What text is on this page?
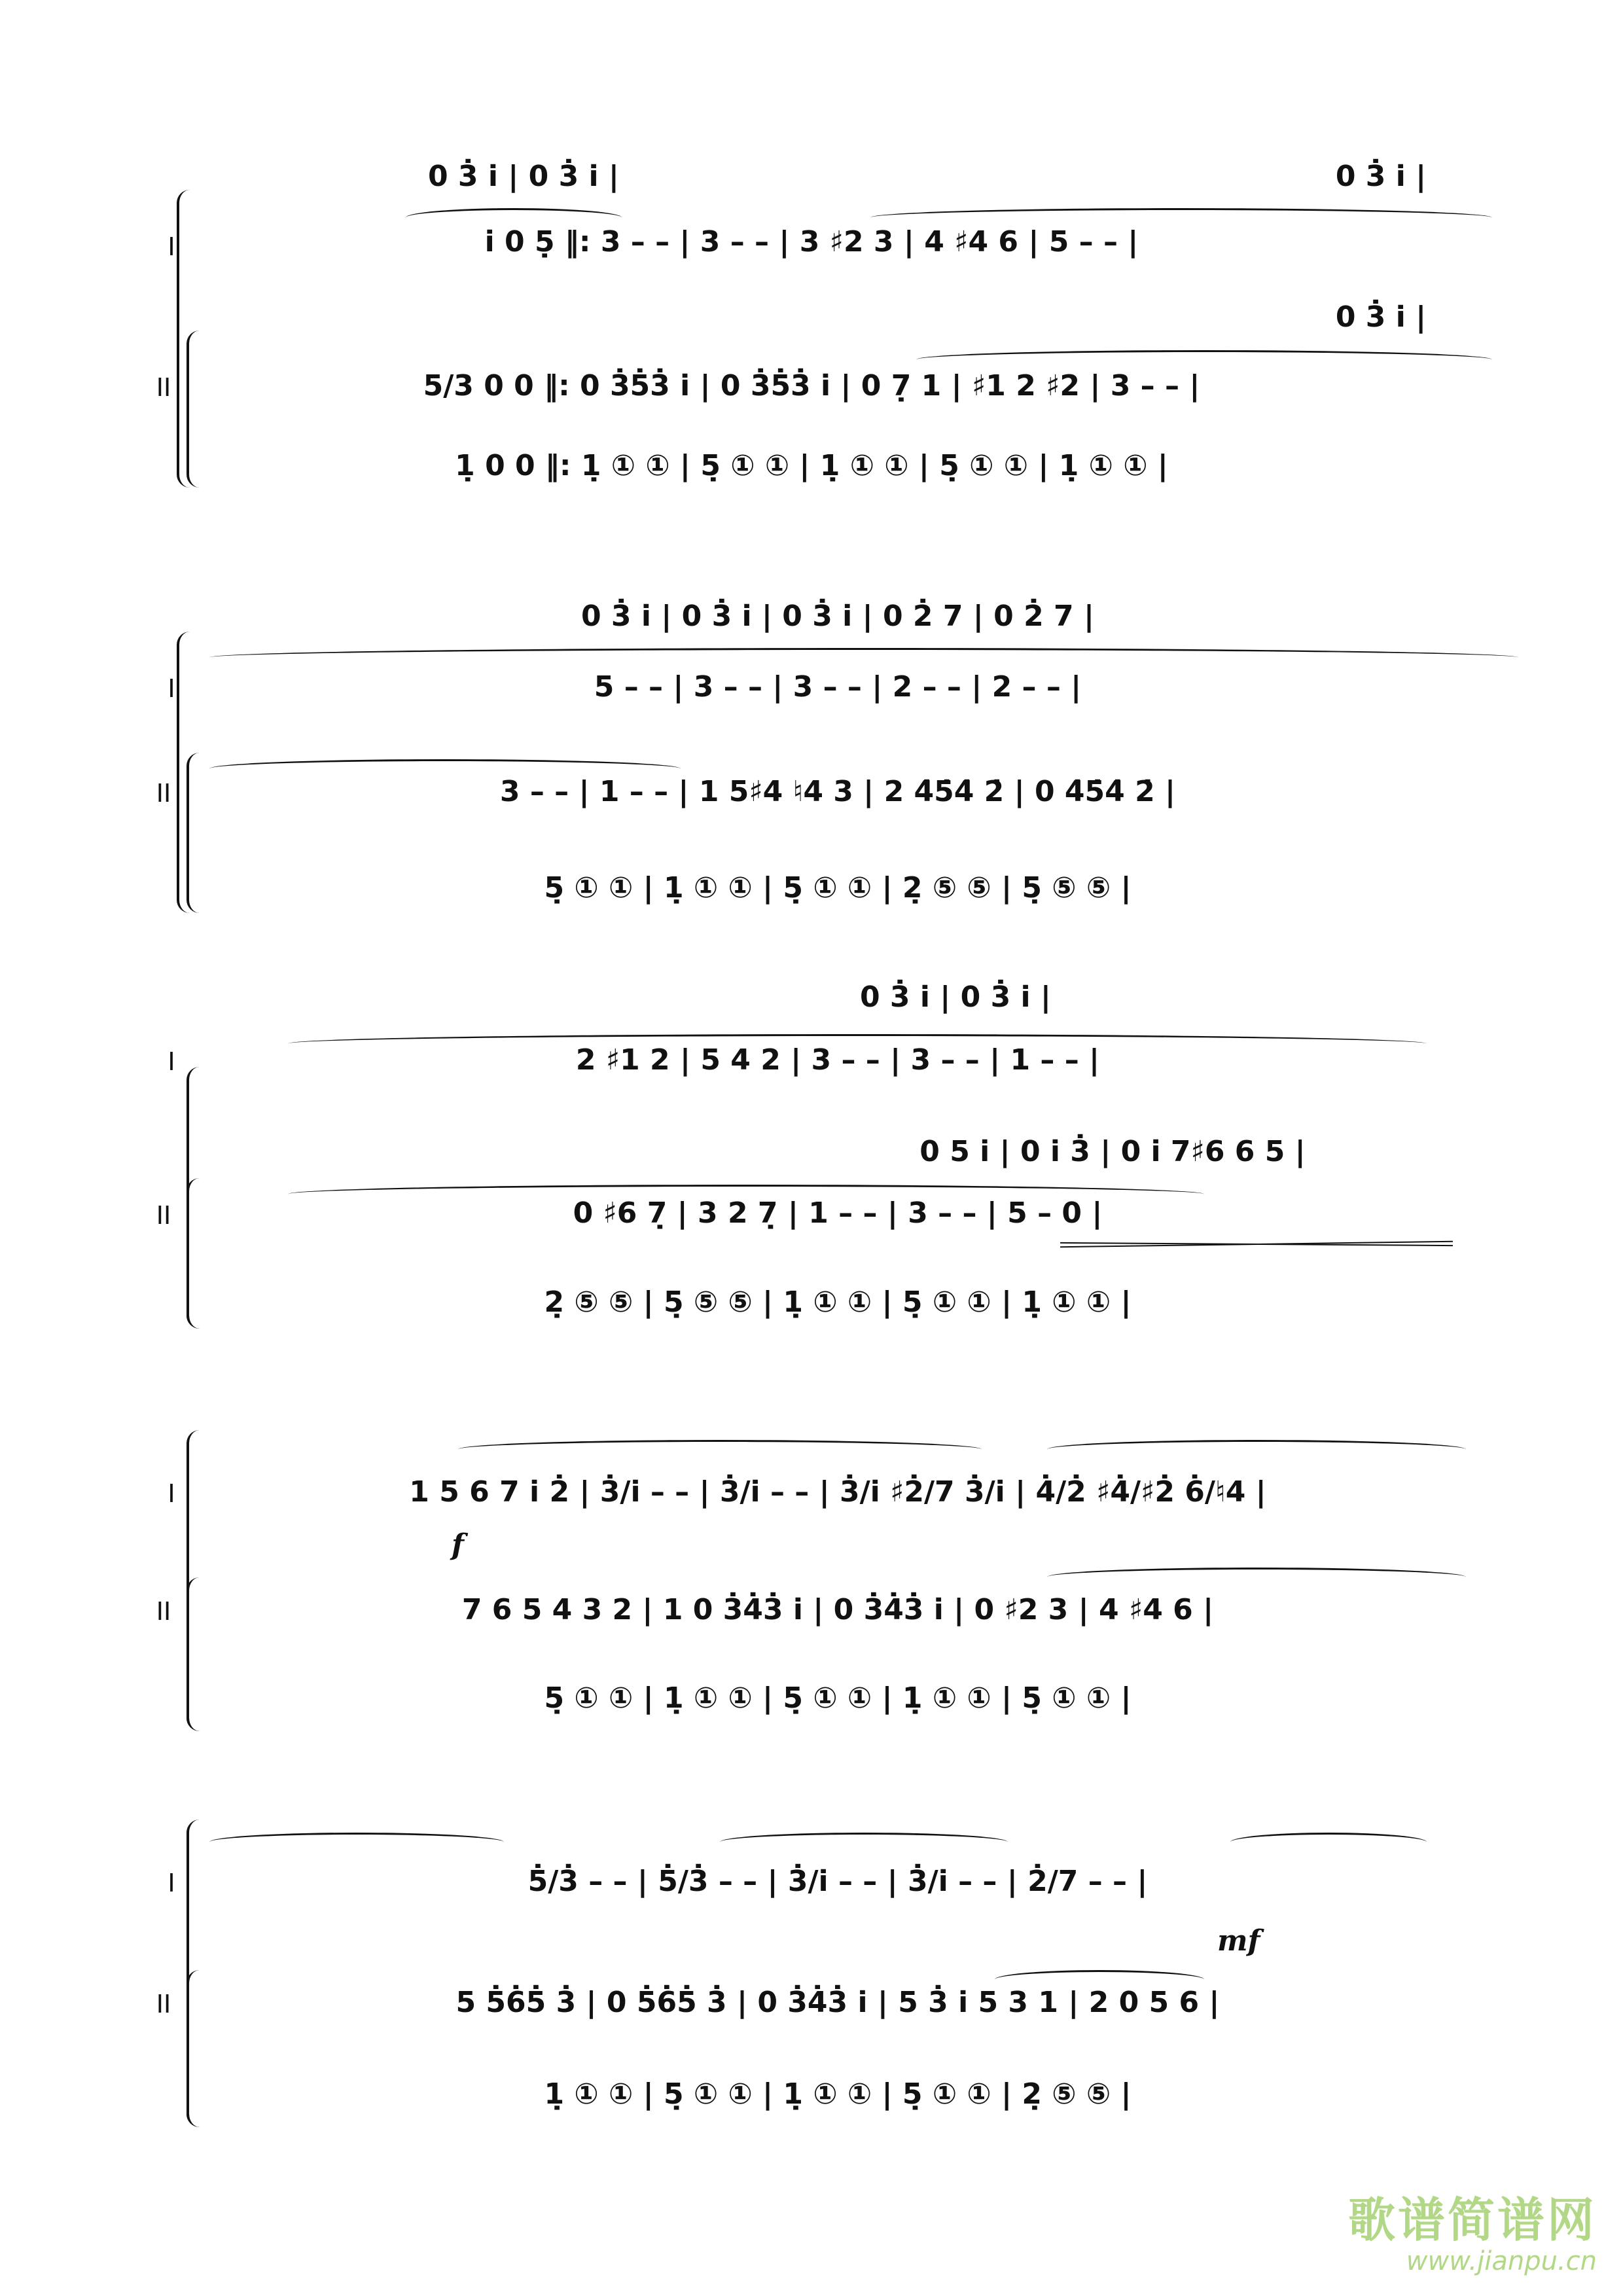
I
II
0 3̇ i̇ | 0 3̇ i̇ |	0 3̇ i̇ |
i̇ 0 5̣ ‖: 3 – – | 3 – – | 3 ♯2 3 | 4 ♯4 6 | 5 – – |
0 3̇ i̇ |
5/3 0 0 ‖: 0 3̇5̇3̇ i̇ | 0 3̇5̇3̇ i̇ | 0 7̣ 1 | ♯1 2 ♯2 | 3 – – |
1̣ 0 0 ‖: 1̣ ① ① | 5̣ ① ① | 1̣ ① ① | 5̣ ① ① | 1̣ ① ① |
I
II
0 3̇ i̇ | 0 3̇ i̇ | 0 3̇ i̇ | 0 2̇ 7 | 0 2̇ 7 |
5 – – | 3 – – | 3 – – | 2 – – | 2 – – |
3 – – | 1 – – | 1 5♯4 ♮4 3 | 2 4̇5̇4̇ 2̇ | 0 4̇5̇4̇ 2̇ |
5̣ ① ① | 1̣ ① ① | 5̣ ① ① | 2̣ ⑤ ⑤ | 5̣ ⑤ ⑤ |
I
II
0 3̇ i̇ | 0 3̇ i̇ |
2 ♯1 2 | 5 4 2 | 3 – – | 3 – – | 1 – – |
0 5 i̇ | 0 i̇ 3̇ | 0 i̇ 7♯6 6 5 |
0 ♯6 7̣ | 3 2 7̣ | 1 – – | 3 – – | 5 – 0 |
2̣ ⑤ ⑤ | 5̣ ⑤ ⑤ | 1̣ ① ① | 5̣ ① ① | 1̣ ① ① |
I
II
f
1 5 6 7 i̇ 2̇ | 3̇/i̇ – – | 3̇/i̇ – – | 3̇/i̇ ♯2̇/7 3̇/i̇ | 4̇/2̇ ♯4̇/♯2̇ 6̇/♮4 |
7 6 5 4 3 2 | 1 0 3̇4̇3̇ i̇ | 0 3̇4̇3̇ i̇ | 0 ♯2 3 | 4 ♯4 6 |
5̣ ① ① | 1̣ ① ① | 5̣ ① ① | 1̣ ① ① | 5̣ ① ① |
I
II
mf
5̇/3̇ – – | 5̇/3̇ – – | 3̇/i̇ – – | 3̇/i̇ – – | 2̇/7 – – |
5 5̇6̇5̇ 3̇ | 0 5̇6̇5̇ 3̇ | 0 3̇4̇3̇ i̇ | 5 3̇ i̇ 5 3 1 | 2 0 5 6 |
1̣ ① ① | 5̣ ① ① | 1̣ ① ① | 5̣ ① ① | 2̣ ⑤ ⑤ |
歌谱简谱网
www.jianpu.cn
